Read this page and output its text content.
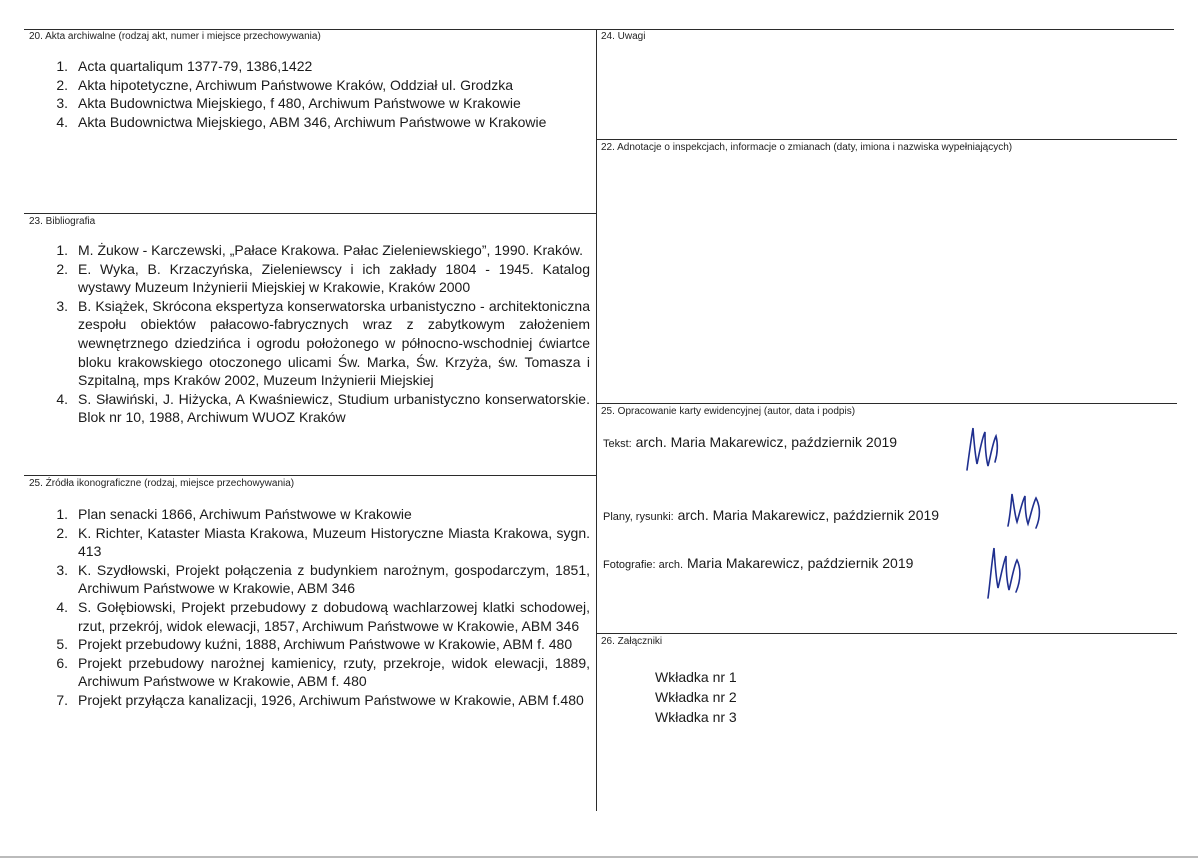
20. Akta archiwalne (rodzaj akt, numer i miejsce przechowywania)
1. Acta quartaliqum 1377-79, 1386,1422
2. Akta hipotetyczne, Archiwum Państwowe Kraków, Oddział ul. Grodzka
3. Akta Budownictwa Miejskiego, f 480, Archiwum Państwowe w Krakowie
4. Akta Budownictwa Miejskiego, ABM 346, Archiwum Państwowe w Krakowie
23. Bibliografia
1. M. Żukow - Karczewski, „Pałace Krakowa. Pałac Zieleniewskiego”, 1990. Kraków.
2. E. Wyka, B. Krzaczyńska, Zieleniewscy i ich zakłady 1804 - 1945. Katalog wystawy Muzeum Inżynierii Miejskiej w Krakowie, Kraków 2000
3. B. Książek, Skrócona ekspertyza konserwatorska urbanistyczno - architektoniczna zespołu obiektów pałacowo-fabrycznych wraz z zabytkowym założeniem wewnętrznego dziedzińca i ogrodu położonego w północno-wschodniej ćwiartce bloku krakowskiego otoczonego ulicami Św. Marka, Św. Krzyża, św. Tomasza i Szpitalną, mps Kraków 2002, Muzeum Inżynierii Miejskiej
4. S. Sławiński, J. Hiżycka, A Kwaśniewicz, Studium urbanistyczno konserwatorskie. Blok nr 10, 1988, Archiwum WUOZ Kraków
25. Źródła ikonograficzne (rodzaj, miejsce przechowywania)
1. Plan senacki 1866, Archiwum Państwowe w Krakowie
2. K. Richter, Kataster Miasta Krakowa, Muzeum Historyczne Miasta Krakowa, sygn. 413
3. K. Szydłowski, Projekt połączenia z budynkiem narożnym, gospodarczym, 1851, Archiwum Państwowe w Krakowie, ABM 346
4. S. Gołębiowski, Projekt przebudowy z dobudową wachlarzowej klatki schodowej, rzut, przekrój, widok elewacji, 1857, Archiwum Państwowe w Krakowie, ABM 346
5. Projekt przebudowy kuźni, 1888, Archiwum Państwowe w Krakowie, ABM f. 480
6. Projekt przebudowy narożnej kamienicy, rzuty, przekroje, widok elewacji, 1889, Archiwum Państwowe w Krakowie, ABM f. 480
7. Projekt przyłącza kanalizacji, 1926, Archiwum Państwowe w Krakowie, ABM f.480
24. Uwagi
22. Adnotacje o inspekcjach, informacje o zmianach (daty, imiona i nazwiska wypełniających)
25. Opracowanie karty ewidencyjnej (autor, data i podpis)
Tekst: arch. Maria Makarewicz, październik 2019
Plany, rysunki: arch. Maria Makarewicz, październik 2019
Fotografie: arch. Maria Makarewicz, październik 2019
26. Załączniki
Wkładka nr 1
Wkładka nr 2
Wkładka nr 3
